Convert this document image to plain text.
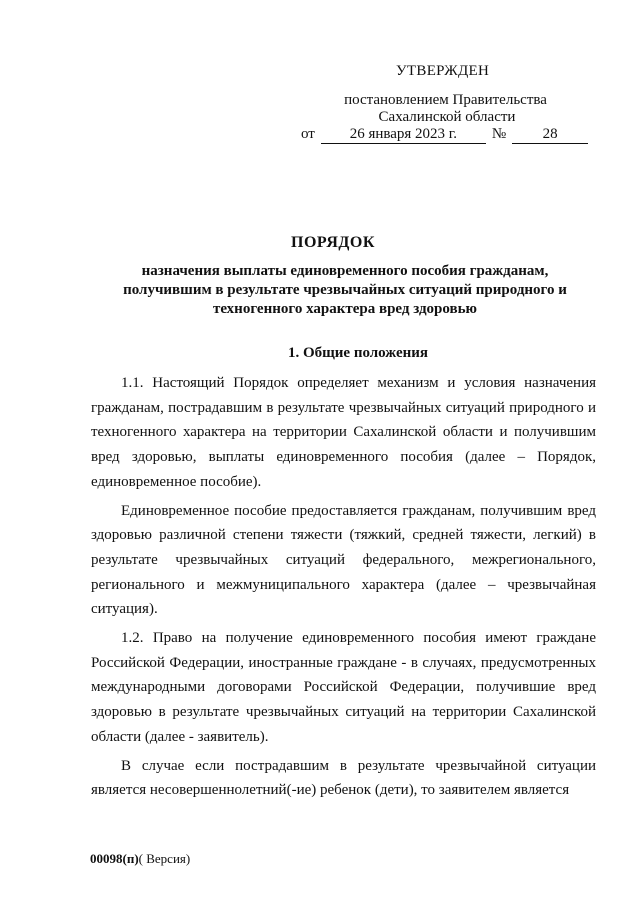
УТВЕРЖДЕН
постановлением Правительства
Сахалинской области
от 26 января 2023 г. № 28
ПОРЯДОК
назначения выплаты единовременного пособия гражданам, получившим в результате чрезвычайных ситуаций природного и техногенного характера вред здоровью
1. Общие положения

1.1. Настоящий Порядок определяет механизм и условия назначения гражданам, пострадавшим в результате чрезвычайных ситуаций природного и техногенного характера на территории Сахалинской области и получившим вред здоровью, выплаты единовременного пособия (далее – Порядок, единовременное пособие).

Единовременное пособие предоставляется гражданам, получившим вред здоровью различной степени тяжести (тяжкий, средней тяжести, легкий) в результате чрезвычайных ситуаций федерального, межрегионального, регионального и межмуниципального характера (далее – чрезвычайная ситуация).

1.2. Право на получение единовременного пособия имеют граждане Российской Федерации, иностранные граждане - в случаях, предусмотренных международными договорами Российской Федерации, получившие вред здоровью в результате чрезвычайных ситуаций на территории Сахалинской области (далее - заявитель).

В случае если пострадавшим в результате чрезвычайной ситуации является несовершеннолетний(-ие) ребенок (дети), то заявителем является

00098(п)( Версия)
